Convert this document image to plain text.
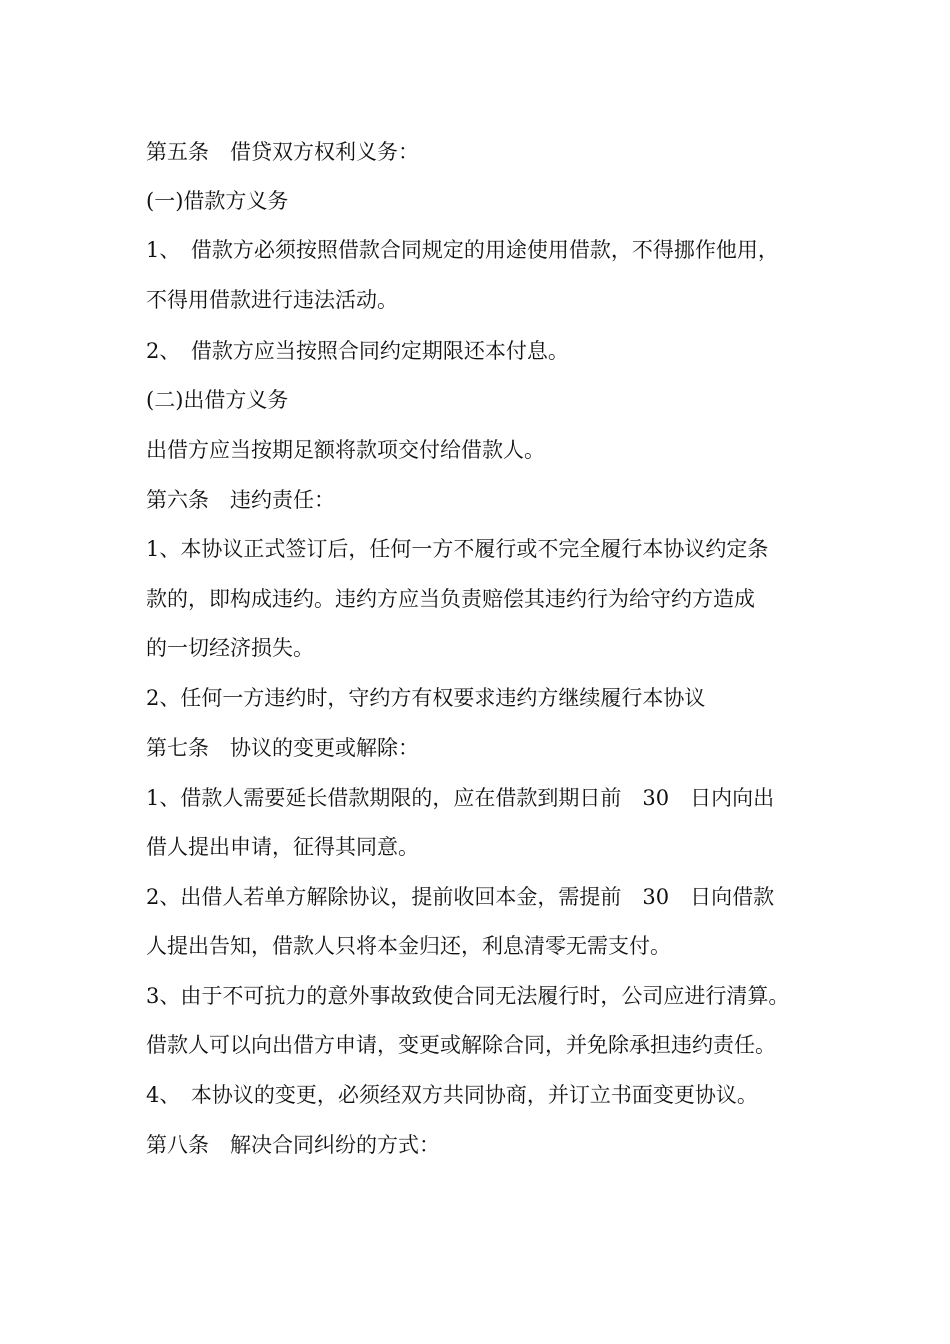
第五条　借贷双方权利义务：

(一)借款方义务

1、　借款方必须按照借款合同规定的用途使用借款，不得挪作他用，

不得用借款进行违法活动。

2、　借款方应当按照合同约定期限还本付息。

(二)出借方义务

出借方应当按期足额将款项交付给借款人。

第六条　违约责任：

1、本协议正式签订后，任何一方不履行或不完全履行本协议约定条

款的，即构成违约。违约方应当负责赔偿其违约行为给守约方造成

的一切经济损失。

2、任何一方违约时，守约方有权要求违约方继续履行本协议

第七条　协议的变更或解除：

1、借款人需要延长借款期限的，应在借款到期日前　30　日内向出

借人提出申请，征得其同意。

2、出借人若单方解除协议，提前收回本金，需提前　30　日向借款

人提出告知，借款人只将本金归还，利息清零无需支付。

3、由于不可抗力的意外事故致使合同无法履行时，公司应进行清算。

借款人可以向出借方申请，变更或解除合同，并免除承担违约责任。

4、　本协议的变更，必须经双方共同协商，并订立书面变更协议。

第八条　解决合同纠纷的方式：
